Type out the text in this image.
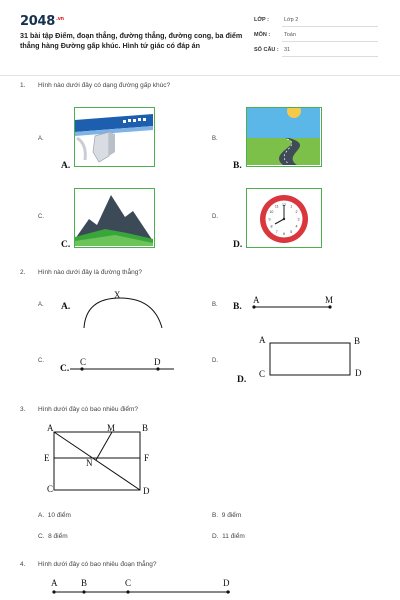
$2048^{.vn}$
31 bài tập Điểm, đoạn thẳng, đường thẳng, đường cong, ba điểm thẳng hàng Đường gấp khúc. Hình tứ giác có đáp án
LỚP :	Lớp 2
MÔN :	Toán
SỐ CÂU : 31
1. Hình nào dưới đây có dạng đường gấp khúc?
A.
A.
B.
B.
C.
C.
D.
12 1
2
3
4
5
6
7
8
9
10
11
D.
2. Hình nào dưới đây là đường thẳng?
A. A.
X
B. B.
A	M
C.
C.
C	D	D.
D.
A	B
C	D
3. Hình dưới đây có bao nhiêu điểm?
A	M	B
E	N	F
C	D
A. 10 điểm	B. 9 điểm
C. 8 điểm	D. 11 điểm
4. Hình dưới đây có bao nhiêu đoạn thẳng?
A	B	C	D
